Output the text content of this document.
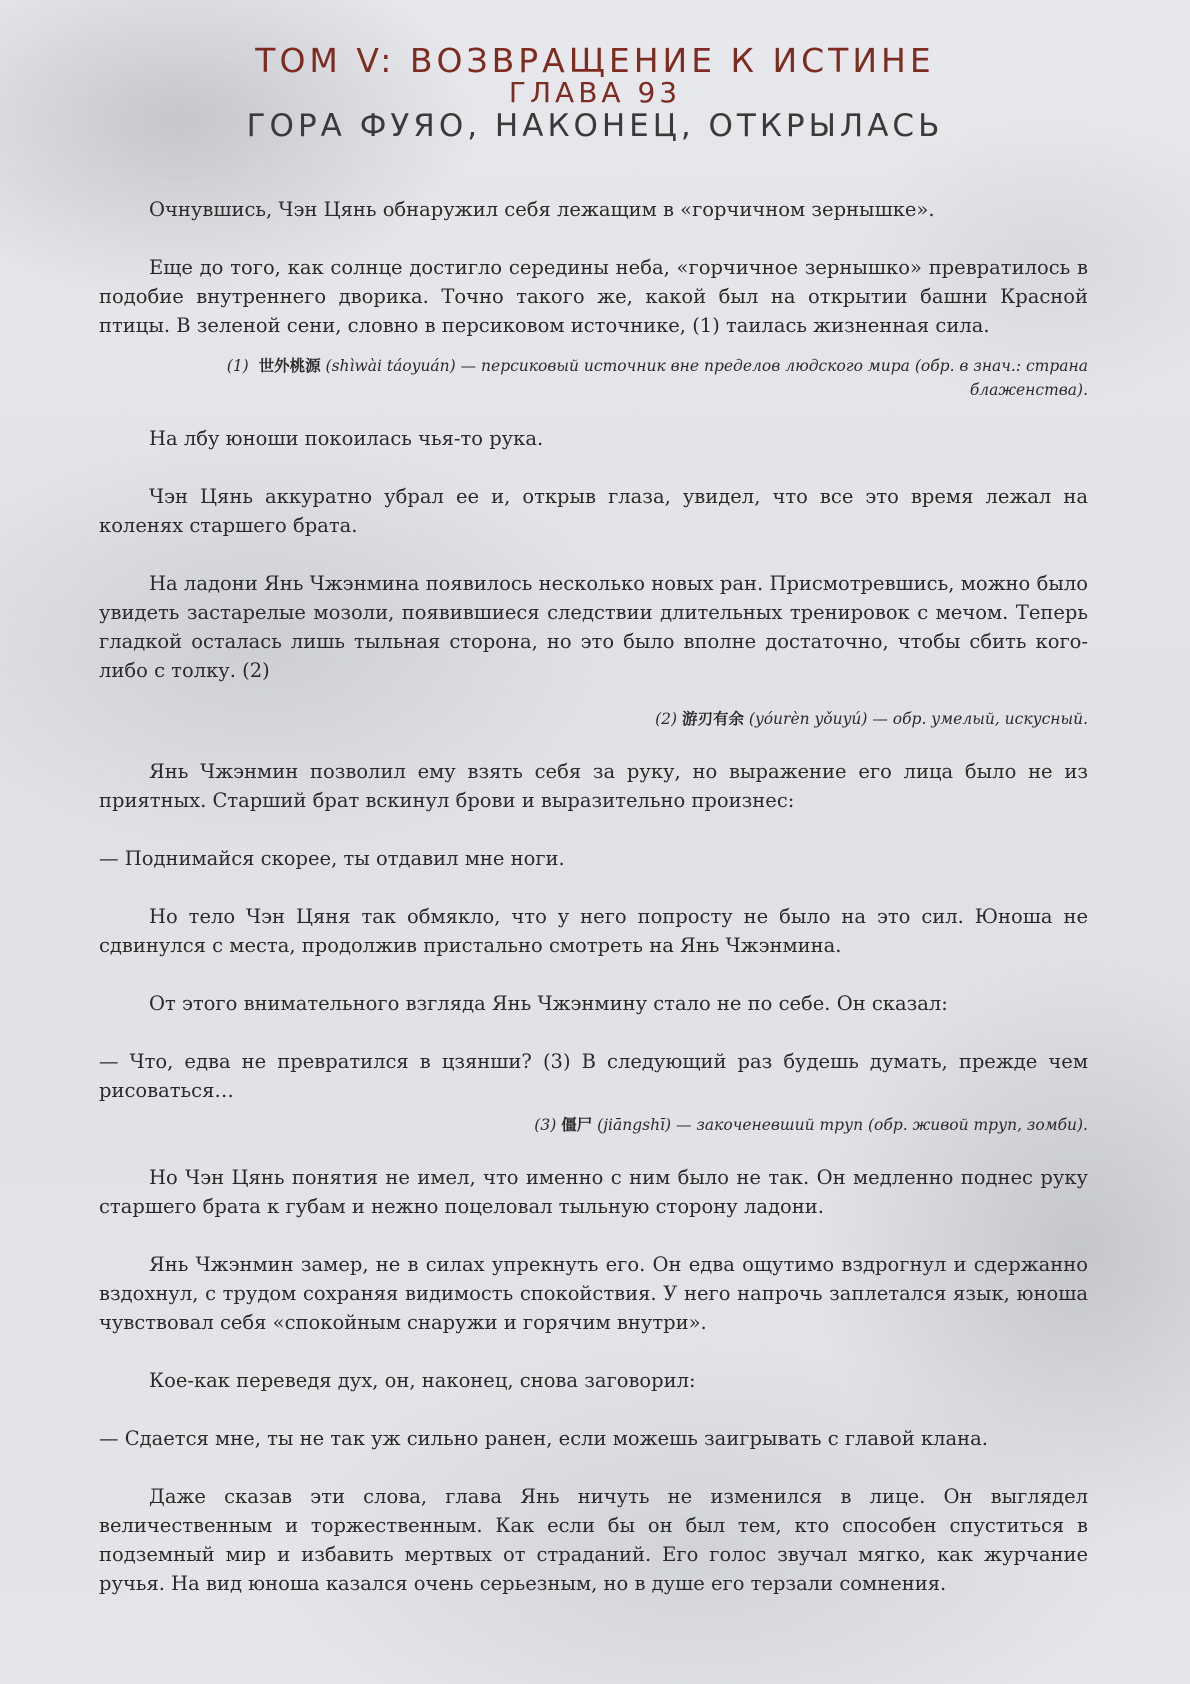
ТОМ V: ВОЗВРАЩЕНИЕ К ИСТИНЕ
ГЛАВА 93
ГОРА ФУЯО, НАКОНЕЦ, ОТКРЫЛАСЬ

Очнувшись, Чэн Цянь обнаружил себя лежащим в «горчичном зернышке».

Еще до того, как солнце достигло середины неба, «горчичное зернышко» превратилось в подобие внутреннего дворика. Точно такого же, какой был на открытии башни Красной птицы. В зеленой сени, словно в персиковом источнике, (1) таилась жизненная сила.

(1) 世外桃源 (shìwài táoyuán) — персиковый источник вне пределов людского мира (обр. в знач.: страна блаженства).

На лбу юноши покоилась чья-то рука.

Чэн Цянь аккуратно убрал ее и, открыв глаза, увидел, что все это время лежал на коленях старшего брата.

На ладони Янь Чжэнмина появилось несколько новых ран. Присмотревшись, можно было увидеть застарелые мозоли, появившиеся следствии длительных тренировок с мечом. Теперь гладкой осталась лишь тыльная сторона, но это было вполне достаточно, чтобы сбить кого-либо с толку. (2)

(2) 游刃有余 (yóurèn yǒuyú) — обр. умелый, искусный.

Янь Чжэнмин позволил ему взять себя за руку, но выражение его лица было не из приятных. Старший брат вскинул брови и выразительно произнес:

— Поднимайся скорее, ты отдавил мне ноги.

Но тело Чэн Цяня так обмякло, что у него попросту не было на это сил. Юноша не сдвинулся с места, продолжив пристально смотреть на Янь Чжэнмина.

От этого внимательного взгляда Янь Чжэнмину стало не по себе. Он сказал:

— Что, едва не превратился в цзянши? (3) В следующий раз будешь думать, прежде чем рисоваться…

(3) 僵尸 (jiāngshī) — закоченевший труп (обр. живой труп, зомби).

Но Чэн Цянь понятия не имел, что именно с ним было не так. Он медленно поднес руку старшего брата к губам и нежно поцеловал тыльную сторону ладони.

Янь Чжэнмин замер, не в силах упрекнуть его. Он едва ощутимо вздрогнул и сдержанно вздохнул, с трудом сохраняя видимость спокойствия. У него напрочь заплетался язык, юноша чувствовал себя «спокойным снаружи и горячим внутри».

Кое-как переведя дух, он, наконец, снова заговорил:

— Сдается мне, ты не так уж сильно ранен, если можешь заигрывать с главой клана.

Даже сказав эти слова, глава Янь ничуть не изменился в лице. Он выглядел величественным и торжественным. Как если бы он был тем, кто способен спуститься в подземный мир и избавить мертвых от страданий. Его голос звучал мягко, как журчание ручья. На вид юноша казался очень серьезным, но в душе его терзали сомнения.
